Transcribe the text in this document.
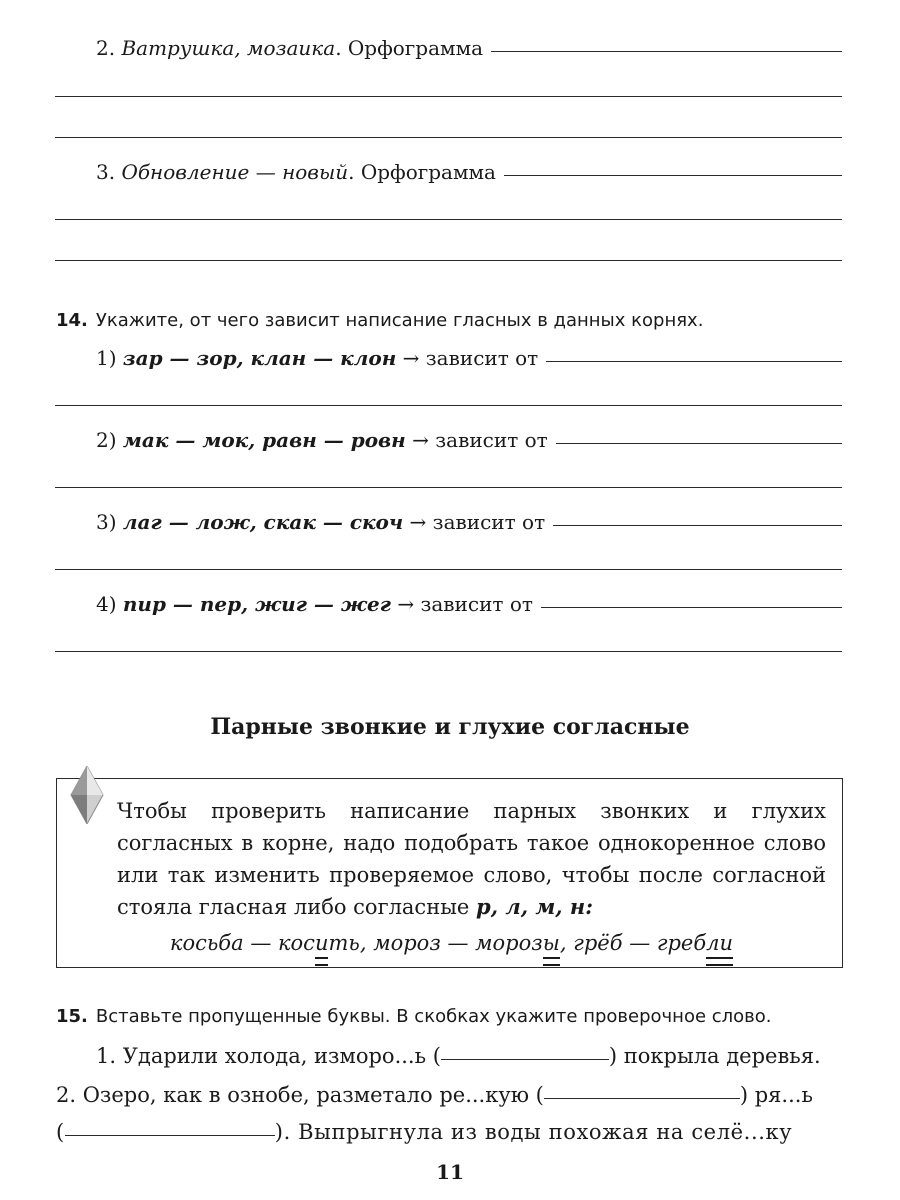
2.
Ватрушка, мозаика . Орфограмма
3.
Обновление — новый . Орфограмма
14. Укажите, от чего зависит написание гласных в данных корнях.
1)
зар — зор, клан — клон
→
зависит от
2)
мак — мок, равн — ровн
→
зависит от
3)
лаг — лож, скак — скоч
→
зависит от
4)
пир — пер, жиг — жег
→
зависит от
Парные звонкие и глухие согласные
Чтобы проверить написание парных звонких и глухих согласных в корне, надо подобрать такое однокоренное слово или так изменить проверяемое слово, чтобы после согласной стояла гласная либо согласные р, л, м, н:
косьба — косить, мороз — морозы, грёб — гребли
15. Вставьте пропущенные буквы. В скобках укажите проверочное слово.
1. Ударили холода, изморо...ь (	) покрыла деревья.
2. Озеро, как в ознобе, разметало ре...кую (	) ря...ь
(	). Выпрыгнула из воды похожая на селё...ку
11
